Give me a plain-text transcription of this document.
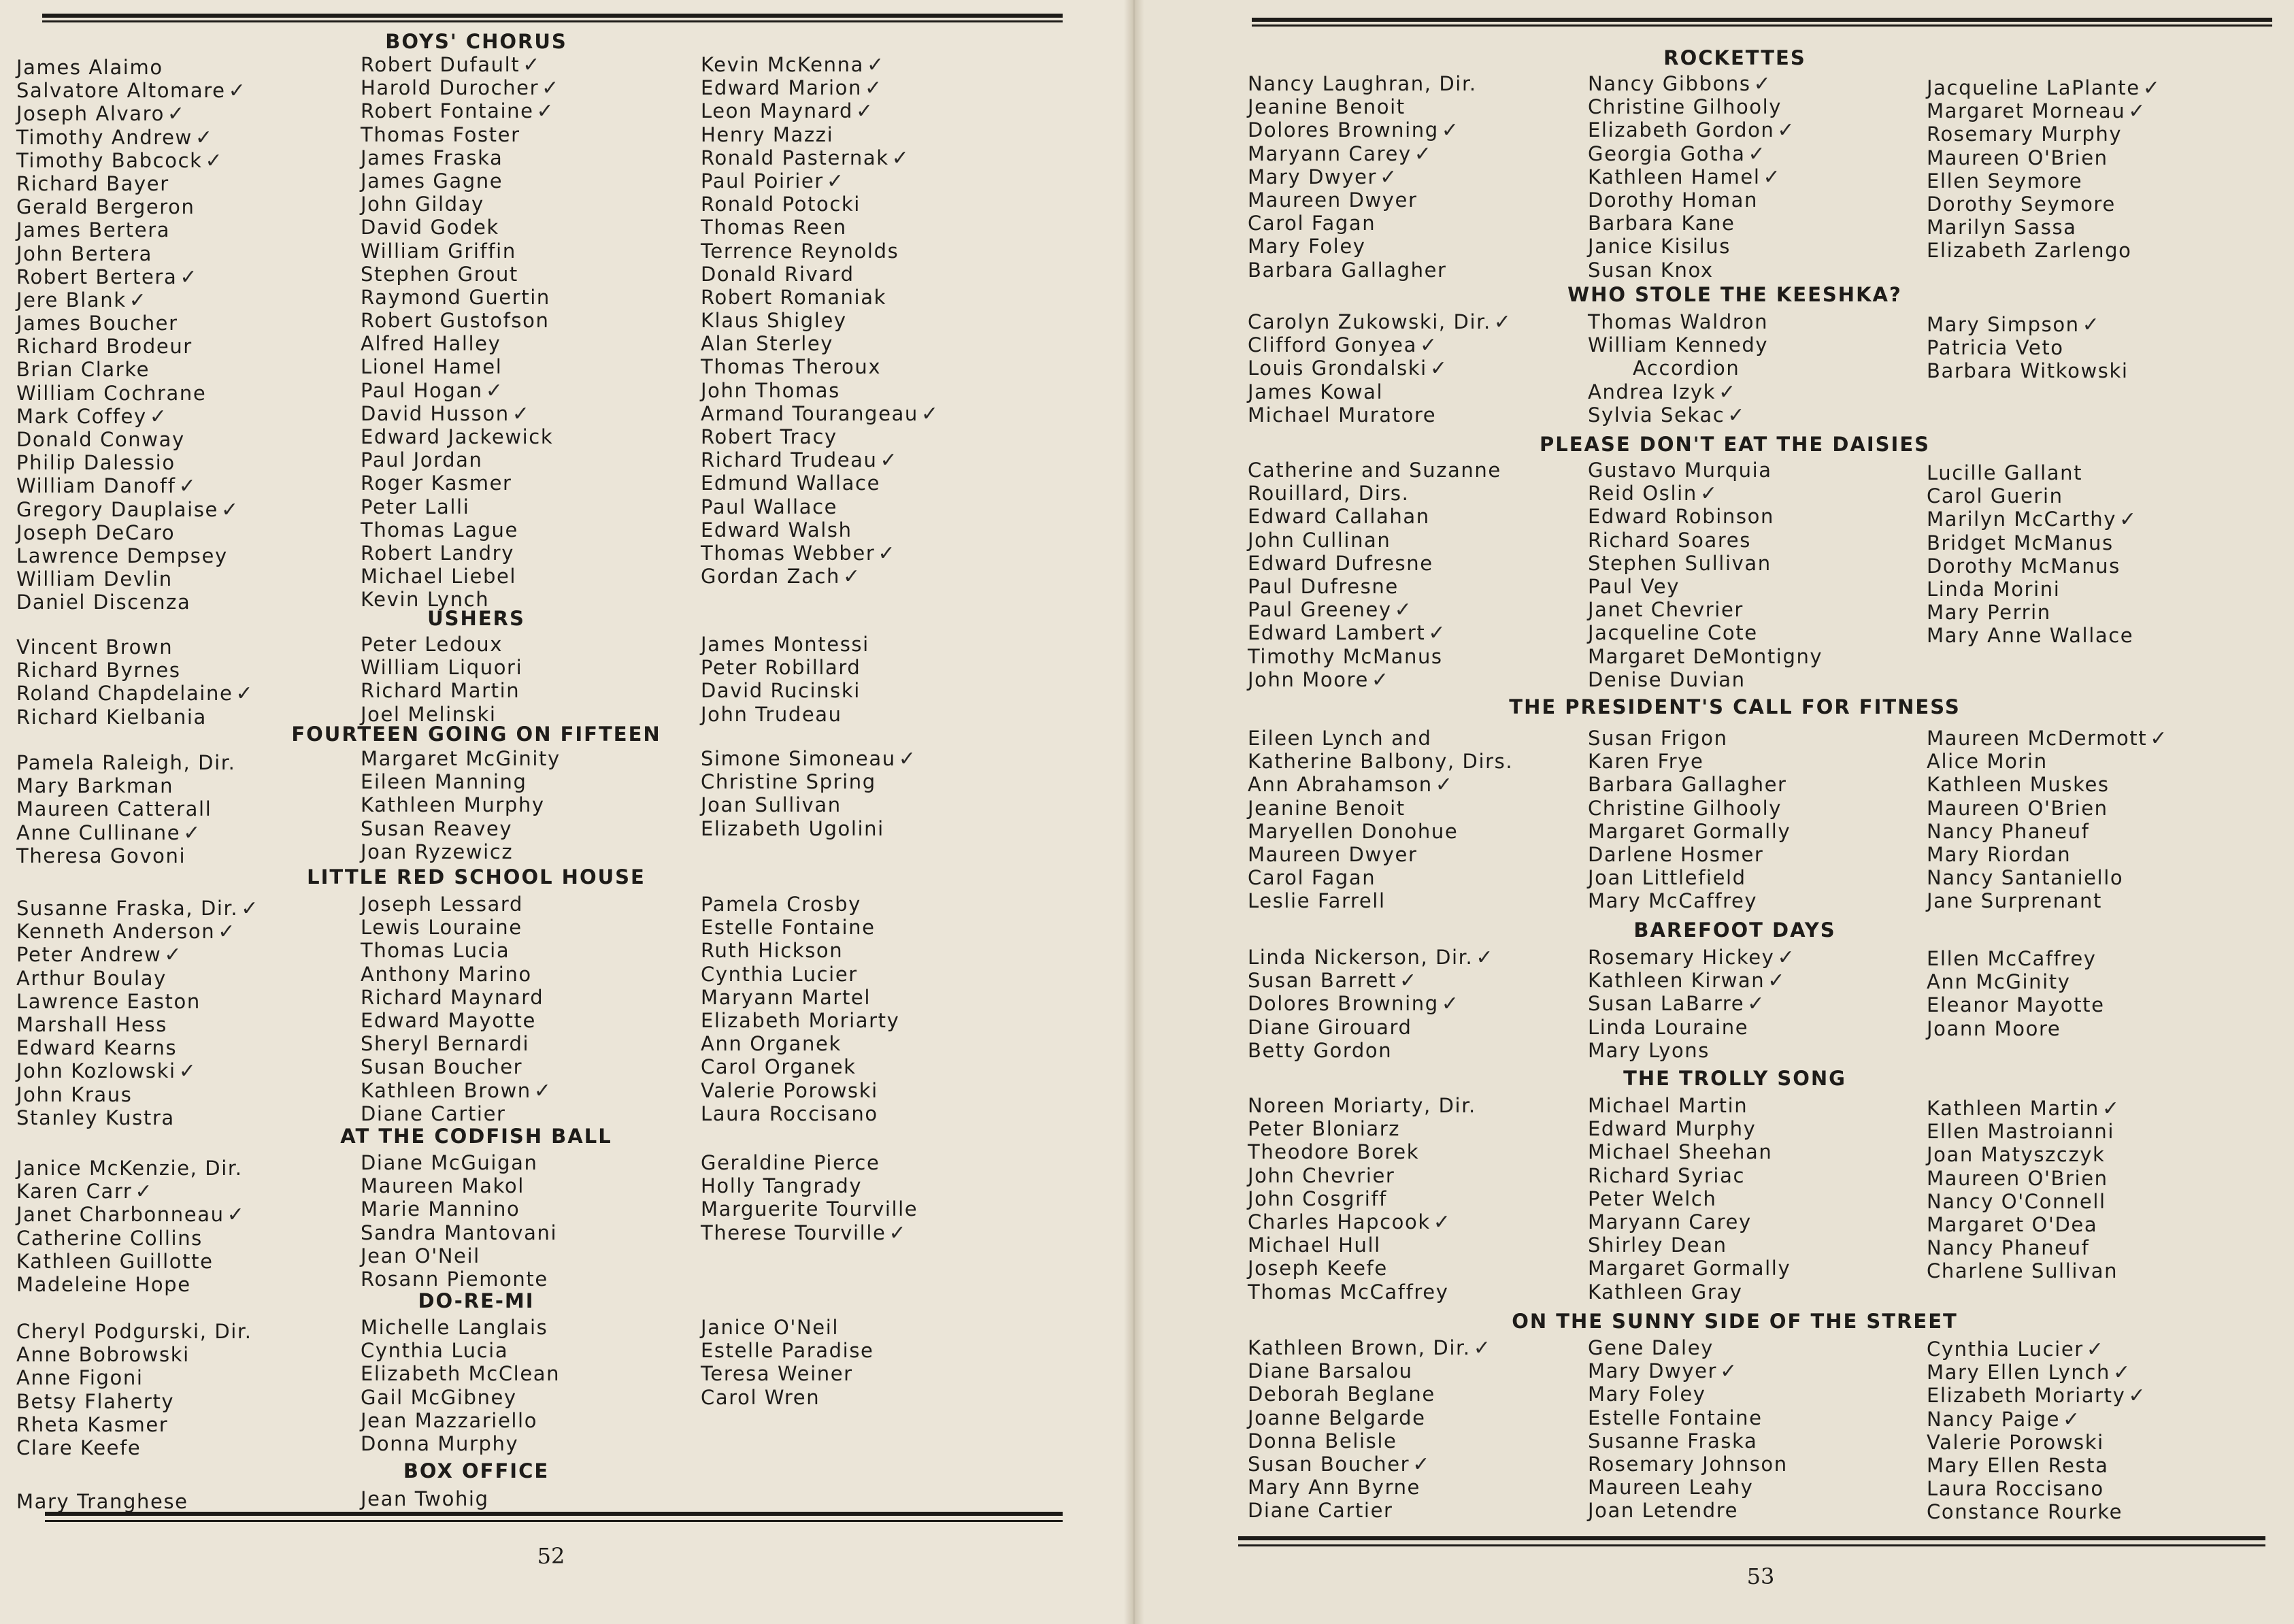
52
53
BOYS' CHORUS
James Alaimo
Salvatore Altomare ✓
Joseph Alvaro ✓
Timothy Andrew ✓
Timothy Babcock ✓
Richard Bayer
Gerald Bergeron
James Bertera
John Bertera
Robert Bertera ✓
Jere Blank ✓
James Boucher
Richard Brodeur
Brian Clarke
William Cochrane
Mark Coffey ✓
Donald Conway
Philip Dalessio
William Danoff ✓
Gregory Dauplaise ✓
Joseph DeCaro
Lawrence Dempsey
William Devlin
Daniel Discenza
Robert Dufault ✓
Harold Durocher ✓
Robert Fontaine ✓
Thomas Foster
James Fraska
James Gagne
John Gilday
David Godek
William Griffin
Stephen Grout
Raymond Guertin
Robert Gustofson
Alfred Halley
Lionel Hamel
Paul Hogan ✓
David Husson ✓
Edward Jackewick
Paul Jordan
Roger Kasmer
Peter Lalli
Thomas Lague
Robert Landry
Michael Liebel
Kevin Lynch
Kevin McKenna ✓
Edward Marion ✓
Leon Maynard ✓
Henry Mazzi
Ronald Pasternak ✓
Paul Poirier ✓
Ronald Potocki
Thomas Reen
Terrence Reynolds
Donald Rivard
Robert Romaniak
Klaus Shigley
Alan Sterley
Thomas Theroux
John Thomas
Armand Tourangeau ✓
Robert Tracy
Richard Trudeau ✓
Edmund Wallace
Paul Wallace
Edward Walsh
Thomas Webber ✓
Gordan Zach ✓
USHERS
Vincent Brown
Richard Byrnes
Roland Chapdelaine ✓
Richard Kielbania
Peter Ledoux
William Liquori
Richard Martin
Joel Melinski
James Montessi
Peter Robillard
David Rucinski
John Trudeau
FOURTEEN GOING ON FIFTEEN
Pamela Raleigh, Dir.
Mary Barkman
Maureen Catterall
Anne Cullinane ✓
Theresa Govoni
Margaret McGinity
Eileen Manning
Kathleen Murphy
Susan Reavey
Joan Ryzewicz
Simone Simoneau ✓
Christine Spring
Joan Sullivan
Elizabeth Ugolini
LITTLE RED SCHOOL HOUSE
Susanne Fraska, Dir. ✓
Kenneth Anderson ✓
Peter Andrew ✓
Arthur Boulay
Lawrence Easton
Marshall Hess
Edward Kearns
John Kozlowski ✓
John Kraus
Stanley Kustra
Joseph Lessard
Lewis Louraine
Thomas Lucia
Anthony Marino
Richard Maynard
Edward Mayotte
Sheryl Bernardi
Susan Boucher
Kathleen Brown ✓
Diane Cartier
Pamela Crosby
Estelle Fontaine
Ruth Hickson
Cynthia Lucier
Maryann Martel
Elizabeth Moriarty
Ann Organek
Carol Organek
Valerie Porowski
Laura Roccisano
AT THE CODFISH BALL
Janice McKenzie, Dir.
Karen Carr ✓
Janet Charbonneau ✓
Catherine Collins
Kathleen Guillotte
Madeleine Hope
Diane McGuigan
Maureen Makol
Marie Mannino
Sandra Mantovani
Jean O'Neil
Rosann Piemonte
Geraldine Pierce
Holly Tangrady
Marguerite Tourville
Therese Tourville ✓
DO-RE-MI
Cheryl Podgurski, Dir.
Anne Bobrowski
Anne Figoni
Betsy Flaherty
Rheta Kasmer
Clare Keefe
Michelle Langlais
Cynthia Lucia
Elizabeth McClean
Gail McGibney
Jean Mazzariello
Donna Murphy
Janice O'Neil
Estelle Paradise
Teresa Weiner
Carol Wren
BOX OFFICE
Mary Tranghese	Jean Twohig
ROCKETTES
Nancy Laughran, Dir.
Jeanine Benoit
Dolores Browning ✓
Maryann Carey ✓
Mary Dwyer ✓
Maureen Dwyer
Carol Fagan
Mary Foley
Barbara Gallagher
Nancy Gibbons ✓
Christine Gilhooly
Elizabeth Gordon ✓
Georgia Gotha ✓
Kathleen Hamel ✓
Dorothy Homan
Barbara Kane
Janice Kisilus
Susan Knox
Jacqueline LaPlante ✓
Margaret Morneau ✓
Rosemary Murphy
Maureen O'Brien
Ellen Seymore
Dorothy Seymore
Marilyn Sassa
Elizabeth Zarlengo
WHO STOLE THE KEESHKA?
Carolyn Zukowski, Dir. ✓
Clifford Gonyea ✓
Louis Grondalski ✓
James Kowal
Michael Muratore
Thomas Waldron
William Kennedy
Accordion
Andrea Izyk ✓
Sylvia Sekac ✓
Mary Simpson ✓
Patricia Veto
Barbara Witkowski
PLEASE DON'T EAT THE DAISIES
Catherine and Suzanne
Rouillard, Dirs.
Edward Callahan
John Cullinan
Edward Dufresne
Paul Dufresne
Paul Greeney ✓
Edward Lambert ✓
Timothy McManus
John Moore ✓
Gustavo Murquia
Reid Oslin ✓
Edward Robinson
Richard Soares
Stephen Sullivan
Paul Vey
Janet Chevrier
Jacqueline Cote
Margaret DeMontigny
Denise Duvian
Lucille Gallant
Carol Guerin
Marilyn McCarthy ✓
Bridget McManus
Dorothy McManus
Linda Morini
Mary Perrin
Mary Anne Wallace
THE PRESIDENT'S CALL FOR FITNESS
Eileen Lynch and
Katherine Balbony, Dirs.
Ann Abrahamson ✓
Jeanine Benoit
Maryellen Donohue
Maureen Dwyer
Carol Fagan
Leslie Farrell
Susan Frigon
Karen Frye
Barbara Gallagher
Christine Gilhooly
Margaret Gormally
Darlene Hosmer
Joan Littlefield
Mary McCaffrey
Maureen McDermott ✓
Alice Morin
Kathleen Muskes
Maureen O'Brien
Nancy Phaneuf
Mary Riordan
Nancy Santaniello
Jane Surprenant
BAREFOOT DAYS
Linda Nickerson, Dir. ✓
Susan Barrett ✓
Dolores Browning ✓
Diane Girouard
Betty Gordon
Rosemary Hickey ✓
Kathleen Kirwan ✓
Susan LaBarre ✓
Linda Louraine
Mary Lyons
Ellen McCaffrey
Ann McGinity
Eleanor Mayotte
Joann Moore
THE TROLLY SONG
Noreen Moriarty, Dir.
Peter Bloniarz
Theodore Borek
John Chevrier
John Cosgriff
Charles Hapcook ✓
Michael Hull
Joseph Keefe
Thomas McCaffrey
Michael Martin
Edward Murphy
Michael Sheehan
Richard Syriac
Peter Welch
Maryann Carey
Shirley Dean
Margaret Gormally
Kathleen Gray
Kathleen Martin ✓
Ellen Mastroianni
Joan Matyszczyk
Maureen O'Brien
Nancy O'Connell
Margaret O'Dea
Nancy Phaneuf
Charlene Sullivan
ON THE SUNNY SIDE OF THE STREET
Kathleen Brown, Dir. ✓
Diane Barsalou
Deborah Beglane
Joanne Belgarde
Donna Belisle
Susan Boucher ✓
Mary Ann Byrne
Diane Cartier
Gene Daley
Mary Dwyer ✓
Mary Foley
Estelle Fontaine
Susanne Fraska
Rosemary Johnson
Maureen Leahy
Joan Letendre
Cynthia Lucier ✓
Mary Ellen Lynch ✓
Elizabeth Moriarty ✓
Nancy Paige ✓
Valerie Porowski
Mary Ellen Resta
Laura Roccisano
Constance Rourke
